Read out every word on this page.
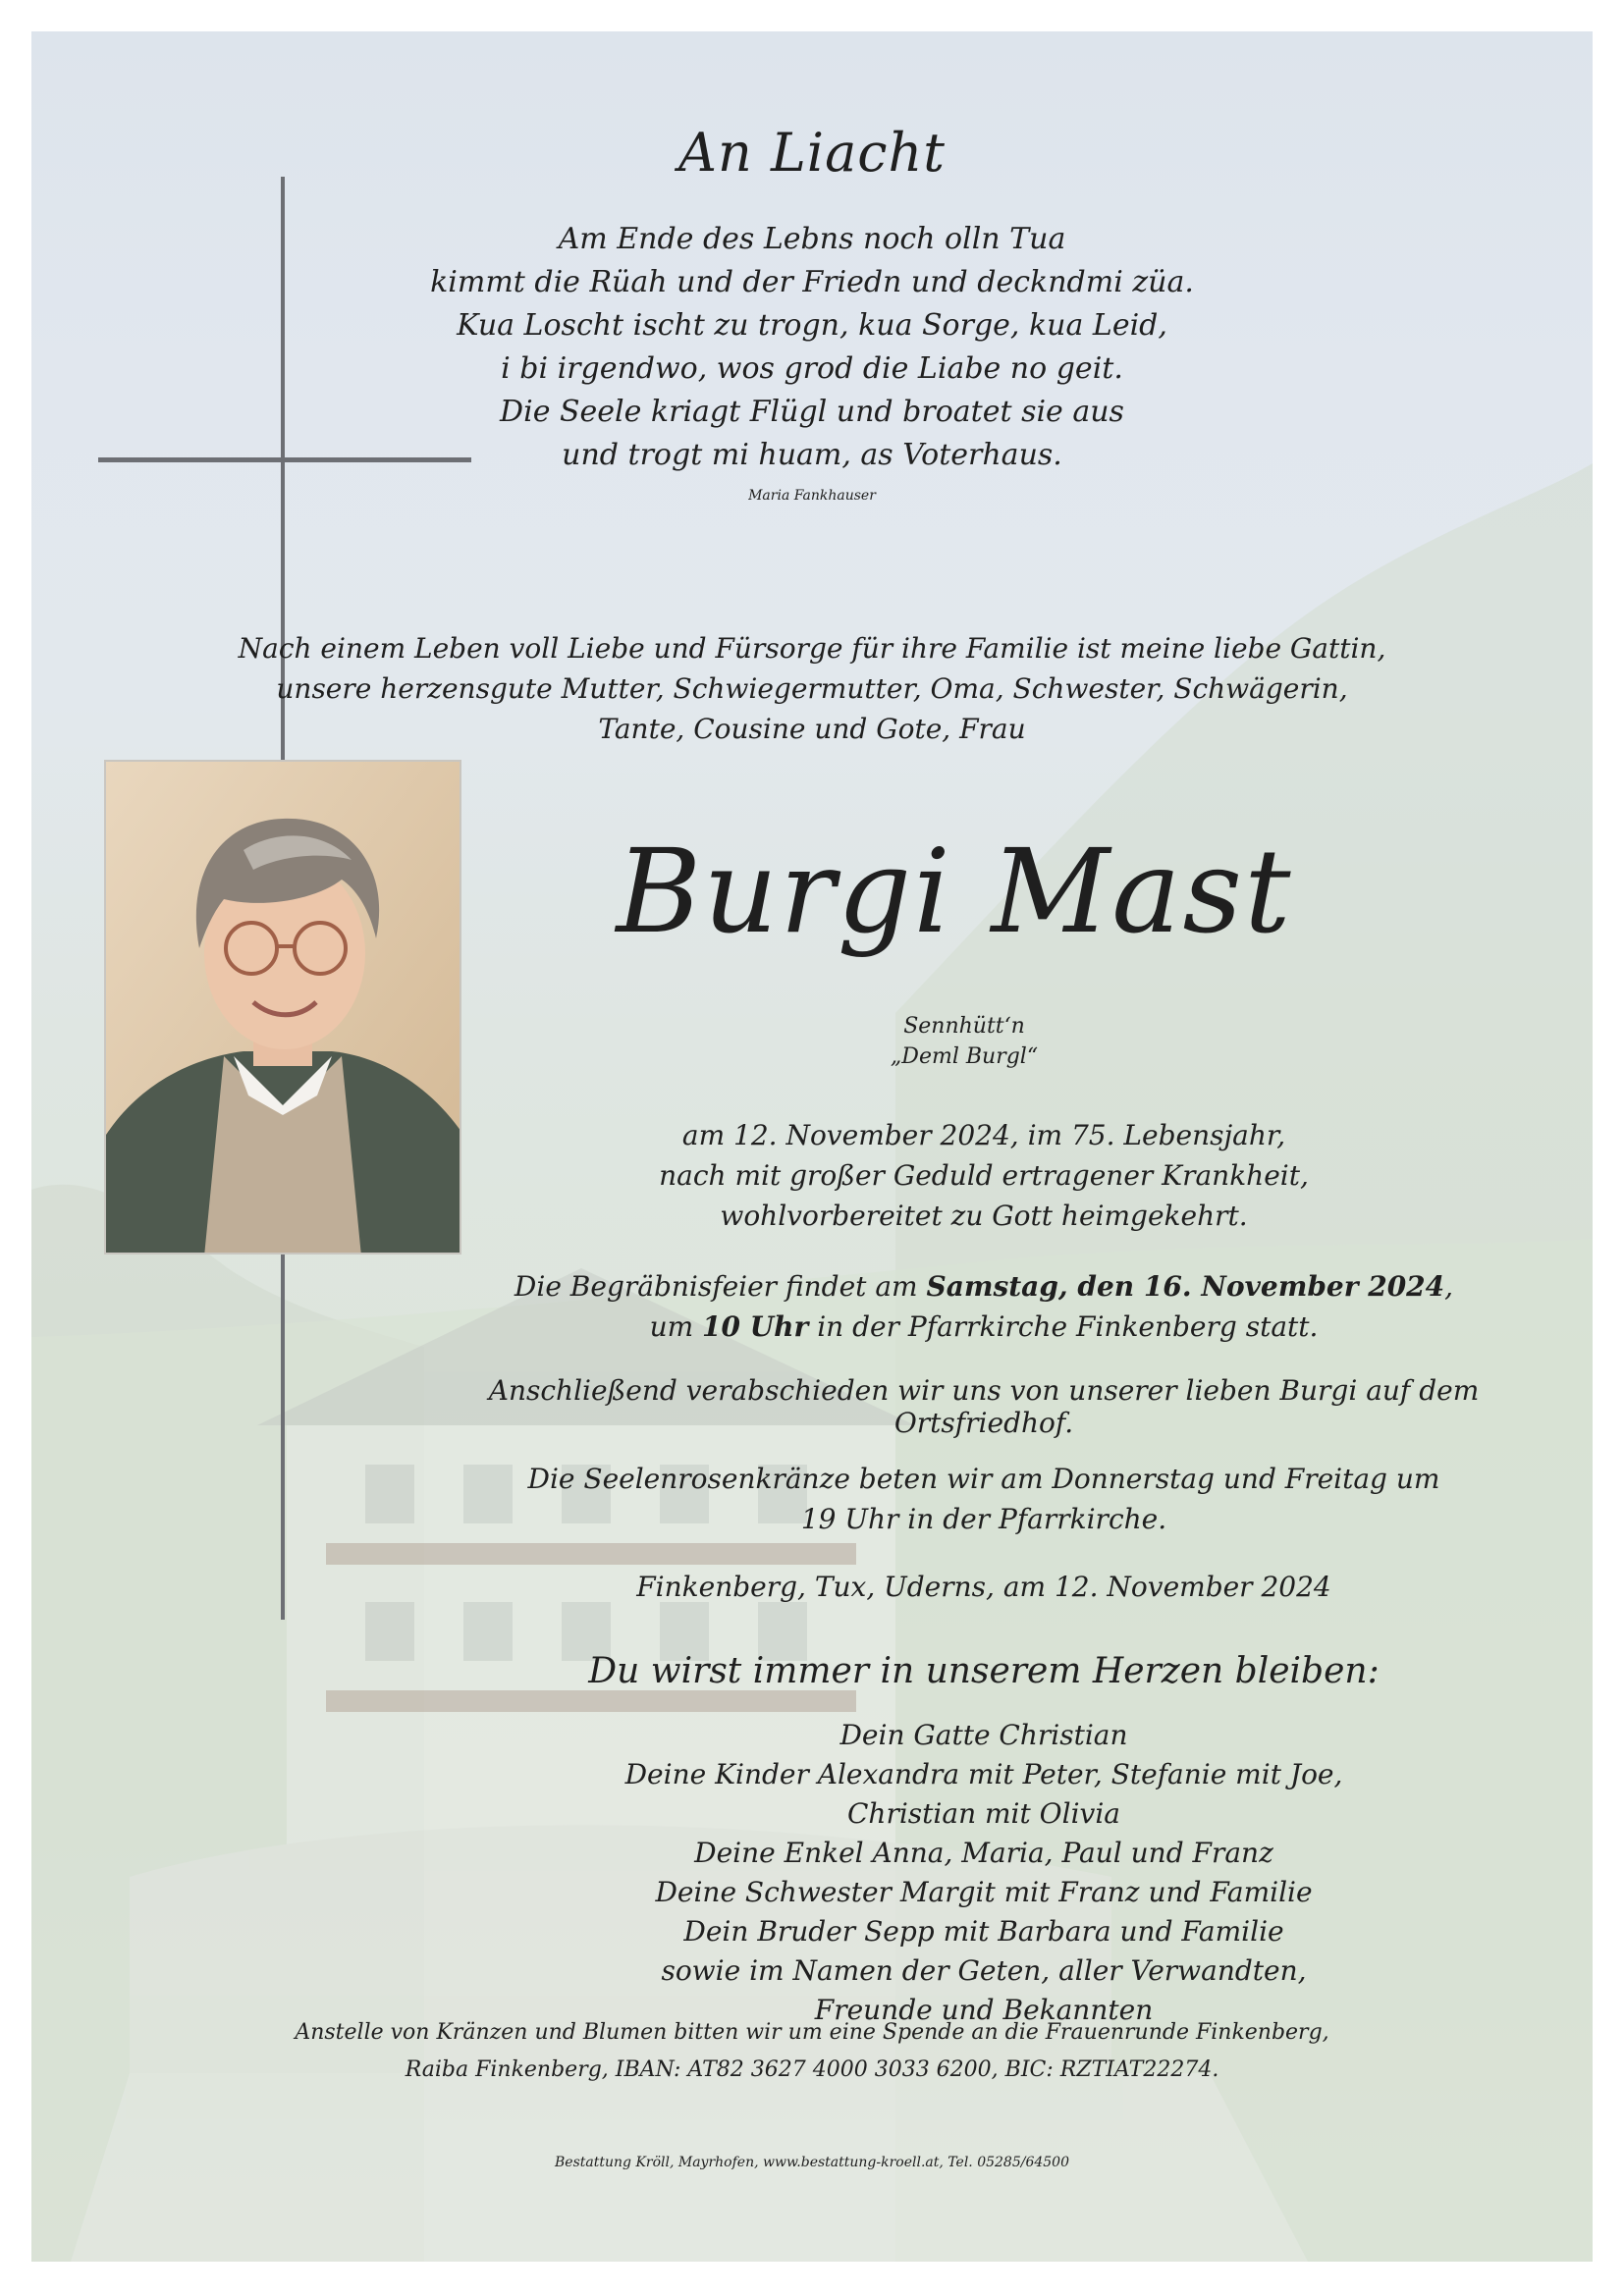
An Liacht
Am Ende des Lebns noch olln Tua
kimmt die Rüah und der Friedn und deckndmi züa.
Kua Loscht ischt zu trogn, kua Sorge, kua Leid,
i bi irgendwo, wos grod die Liabe no geit.
Die Seele kriagt Flügl und broatet sie aus
und trogt mi huam, as Voterhaus.
Maria Fankhauser
Nach einem Leben voll Liebe und Fürsorge für ihre Familie ist meine liebe Gattin,
unsere herzensgute Mutter, Schwiegermutter, Oma, Schwester, Schwägerin,
Tante, Cousine und Gote, Frau
Burgi Mast
Sennhütt‘n
„Deml Burgl“
am 12. November 2024, im 75. Lebensjahr,
nach mit großer Geduld ertragener Krankheit,
wohlvorbereitet zu Gott heimgekehrt.
Die Begräbnisfeier findet am Samstag, den 16. November 2024,
um 10 Uhr in der Pfarrkirche Finkenberg statt.
Anschließend verabschieden wir uns von unserer lieben Burgi auf dem Ortsfriedhof.
Die Seelenrosenkränze beten wir am Donnerstag und Freitag um
19 Uhr in der Pfarrkirche.
Finkenberg, Tux, Uderns, am 12. November 2024
Du wirst immer in unserem Herzen bleiben:
Dein Gatte Christian
Deine Kinder Alexandra mit Peter, Stefanie mit Joe,
Christian mit Olivia
Deine Enkel Anna, Maria, Paul und Franz
Deine Schwester Margit mit Franz und Familie
Dein Bruder Sepp mit Barbara und Familie
sowie im Namen der Geten, aller Verwandten,
Freunde und Bekannten
Anstelle von Kränzen und Blumen bitten wir um eine Spende an die Frauenrunde Finkenberg,
Raiba Finkenberg, IBAN: AT82 3627 4000 3033 6200, BIC: RZTIAT22274.
Bestattung Kröll, Mayrhofen, www.bestattung-kroell.at, Tel. 05285/64500
